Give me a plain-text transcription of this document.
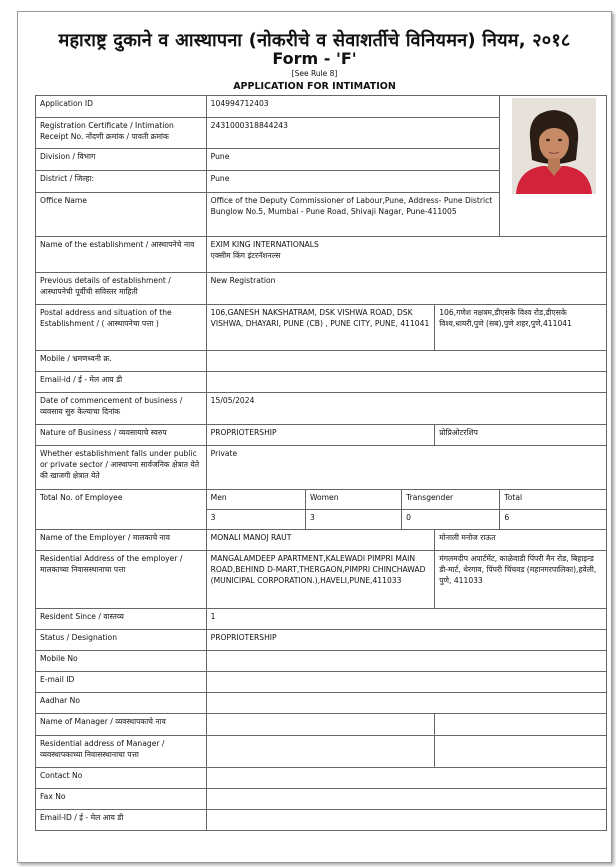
महाराष्ट्र दुकाने व आस्थापना (नोकरीचे व सेवाशर्तीचे विनियमन) नियम, २०१८
Form - 'F'
[See Rule 8]
APPLICATION FOR INTIMATION
Application ID	104994712403	

Registration Certificate / Intimation Receipt No. नोंदणी क्रमांक / पावती क्रमांक	2431000318844243				
Division / विभाग	Pune				
District / जिल्हा:	Pune				
Office Name	Office of the Deputy Commissioner of Labour,Pune, Address- Pune District Bunglow No.5, Mumbai - Pune Road, Shivaji Nagar, Pune-411005				

Name of the establishment / आस्थापनेचे नाव	EXIM KING INTERNATIONALS
एक्सीम किंग इंटरनॅशनल्स				

Previous details of establishment / आस्थापनेची पूर्वीची सविस्तर माहिती	New Registration				
Postal address and situation of the Establishment / ( आस्थापनेचा पत्ता )	106,GANESH NAKSHATRAM, DSK VISHWA ROAD, DSK VISHWA, DHAYARI, PUNE (CB) , PUNE CITY, PUNE, 411041			106,गणेश नक्षत्रम,डीएसके विश्व रोड,डीएसके विश्व,धायरी,पुणे (सब),पुणे शहर,पुणे,411041	
Mobile / भ्रमणध्वनी क्र.					
Email-id / ई - मेल आय डी					
Date of commencement of business / व्यवसाय सुरु केल्याचा दिनांक	15/05/2024				
Nature of Business / व्यवसायाचे स्वरुप	PROPRIOTERSHIP			प्रोप्रिओटरशिप	
Whether establishment falls under public or private sector / आस्थापना सार्वजनिक क्षेत्रात येते की खाजगी क्षेत्रात येते	Private				
Total No. of Employee	Men	Women	Transgender		Total
	3	3	0		6
Name of the Employer / मालकाचे नाव	MONALI MANOJ RAUT			मोनाली मनोज राऊत	
Residential Address of the employer / मालकाच्या निवासस्थानाचा पत्ता	MANGALAMDEEP APARTMENT,KALEWADI PIMPRI MAIN ROAD,BEHIND D-MART,THERGAON,PIMPRI CHINCHAWAD (MUNICIPAL CORPORATION.),HAVELI,PUNE,411033			मंगलमदीप अपार्टमेंट, काळेवाडी पिंपरी मैन रोड, बिहाइन्ड डी-मार्ट, थेरगाव, पिंपरी चिंचवड (महानगरपालिका),हवेली, पुणे, 411033	
Resident Since / वास्तव्य	1				
Status / Designation	PROPRIOTERSHIP				
Mobile No					
E-mail ID					
Aadhar No					
Name of Manager / व्यवस्थापकाचे नाव					
Residential address of Manager / व्यवस्थापकाच्या निवासस्थानाचा पत्ता					
Contact No					
Fax No					
Email-ID / ई - मेल आय डी					
